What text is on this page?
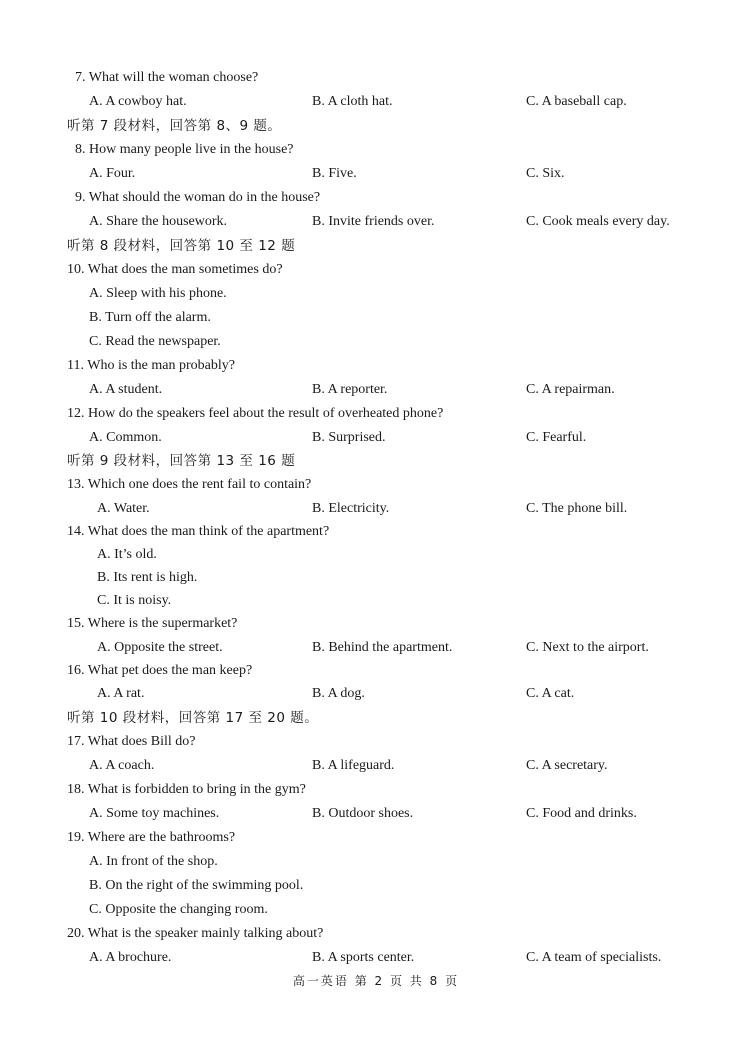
7. What will the woman choose?
A. A cowboy hat.	B. A cloth hat.	C. A baseball cap.
听第 7 段材料，回答第 8、9 题。
8. How many people live in the house?
A. Four.	B. Five.	C. Six.
9. What should the woman do in the house?
A. Share the housework.	B. Invite friends over.	C. Cook meals every day.
听第 8 段材料，回答第 10 至 12 题
10. What does the man sometimes do?
A. Sleep with his phone.
B. Turn off the alarm.
C. Read the newspaper.
11. Who is the man probably?
A. A student.	B. A reporter.	C. A repairman.
12. How do the speakers feel about the result of overheated phone?
A. Common.	B. Surprised.	C. Fearful.
听第 9 段材料，回答第 13 至 16 题
13. Which one does the rent fail to contain?
A. Water.	B. Electricity.	C. The phone bill.
14. What does the man think of the apartment?
A. It’s old.
B. Its rent is high.
C. It is noisy.
15. Where is the supermarket?
A. Opposite the street.	B. Behind the apartment.	C. Next to the airport.
16. What pet does the man keep?
A. A rat.	B. A dog.	C. A cat.
听第 10 段材料，回答第 17 至 20 题。
17. What does Bill do?
A. A coach.	B. A lifeguard.	C. A secretary.
18. What is forbidden to bring in the gym?
A. Some toy machines.	B. Outdoor shoes.	C. Food and drinks.
19. Where are the bathrooms?
A. In front of the shop.
B. On the right of the swimming pool.
C. Opposite the changing room.
20. What is the speaker mainly talking about?
A. A brochure.	B. A sports center.	C. A team of specialists.
高一英语 第 2 页 共 8 页
